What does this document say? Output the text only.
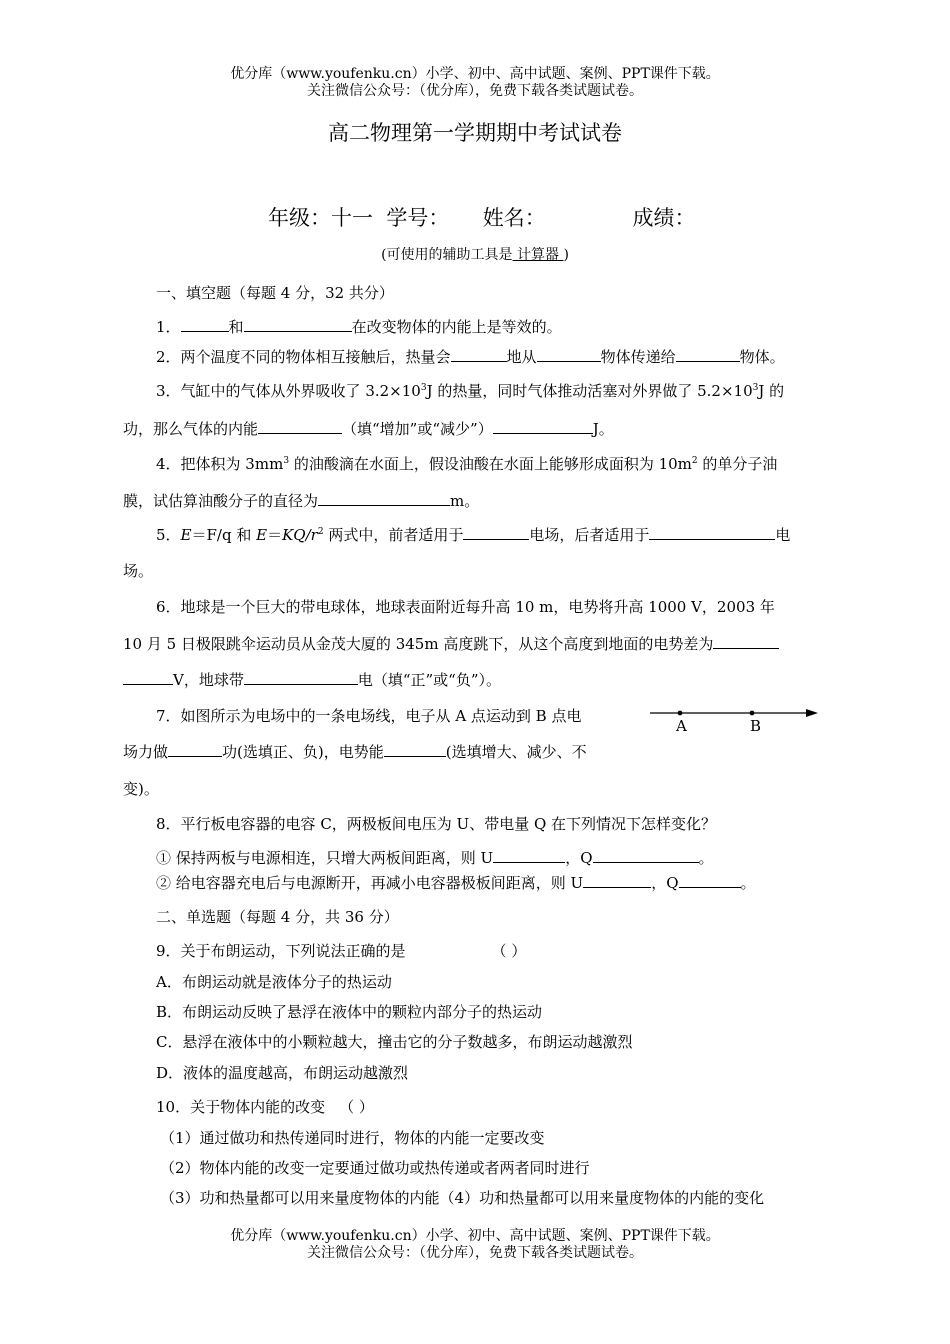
优分库（www.youfenku.cn）小学、初中、高中试题、案例、PPT课件下载。
关注微信公众号：（优分库），免费下载各类试题试卷。
高二物理第一学期期中考试试卷
年级：十一 学号： 姓名：	成绩：
(可使用的辅助工具是 计算器 )
一、填空题（每题 4 分，32 共分）
1．	和	在改变物体的内能上是等效的。
2．两个温度不同的物体相互接触后，热量会	地从	物体传递给	物体。
3．气缸中的气体从外界吸收了 $3.2\times 10^3J$ 的热量，同时气体推动活塞对外界做了 $5.2\times 10^3J$ 的
功，那么气体的内能	（填“增加”或“减少”）	J。
4．把体积为 $3mm^3$ 的油酸滴在水面上，假设油酸在水面上能够形成面积为 $10m^2$ 的单分子油
膜，试估算油酸分子的直径为	m。
5．E＝F/q 和 $E=KQ/r^2$ 两式中，前者适用于	电场，后者适用于	电
场。
6．地球是一个巨大的带电球体，地球表面附近每升高 10 m，电势将升高 1000 V，2003 年
10 月 5 日极限跳伞运动员从金茂大厦的 345m 高度跳下，从这个高度到地面的电势差为
V，地球带	电（填“正”或“负”）。
7．如图所示为电场中的一条电场线，电子从 A 点运动到 B 点电
场力做	功(选填正、负)，电势能	(选填增大、减少、不
变)。
A	B
8．平行板电容器的电容 C，两极板间电压为 U、带电量 Q 在下列情况下怎样变化？
① 保持两板与电源相连，只增大两板间距离，则 U	，Q	。
② 给电容器充电后与电源断开，再减小电容器极板间距离，则 U	，Q	。
二、单选题（每题 4 分，共 36 分）
9．关于布朗运动，下列说法正确的是	（ ）
A．布朗运动就是液体分子的热运动
B．布朗运动反映了悬浮在液体中的颗粒内部分子的热运动
C．悬浮在液体中的小颗粒越大，撞击它的分子数越多，布朗运动越激烈
D．液体的温度越高，布朗运动越激烈
10．关于物体内能的改变 （ ）
（1）通过做功和热传递同时进行，物体的内能一定要改变
（2）物体内能的改变一定要通过做功或热传递或者两者同时进行
（3）功和热量都可以用来量度物体的内能（4）功和热量都可以用来量度物体的内能的变化
优分库（www.youfenku.cn）小学、初中、高中试题、案例、PPT课件下载。
关注微信公众号：（优分库），免费下载各类试题试卷。
